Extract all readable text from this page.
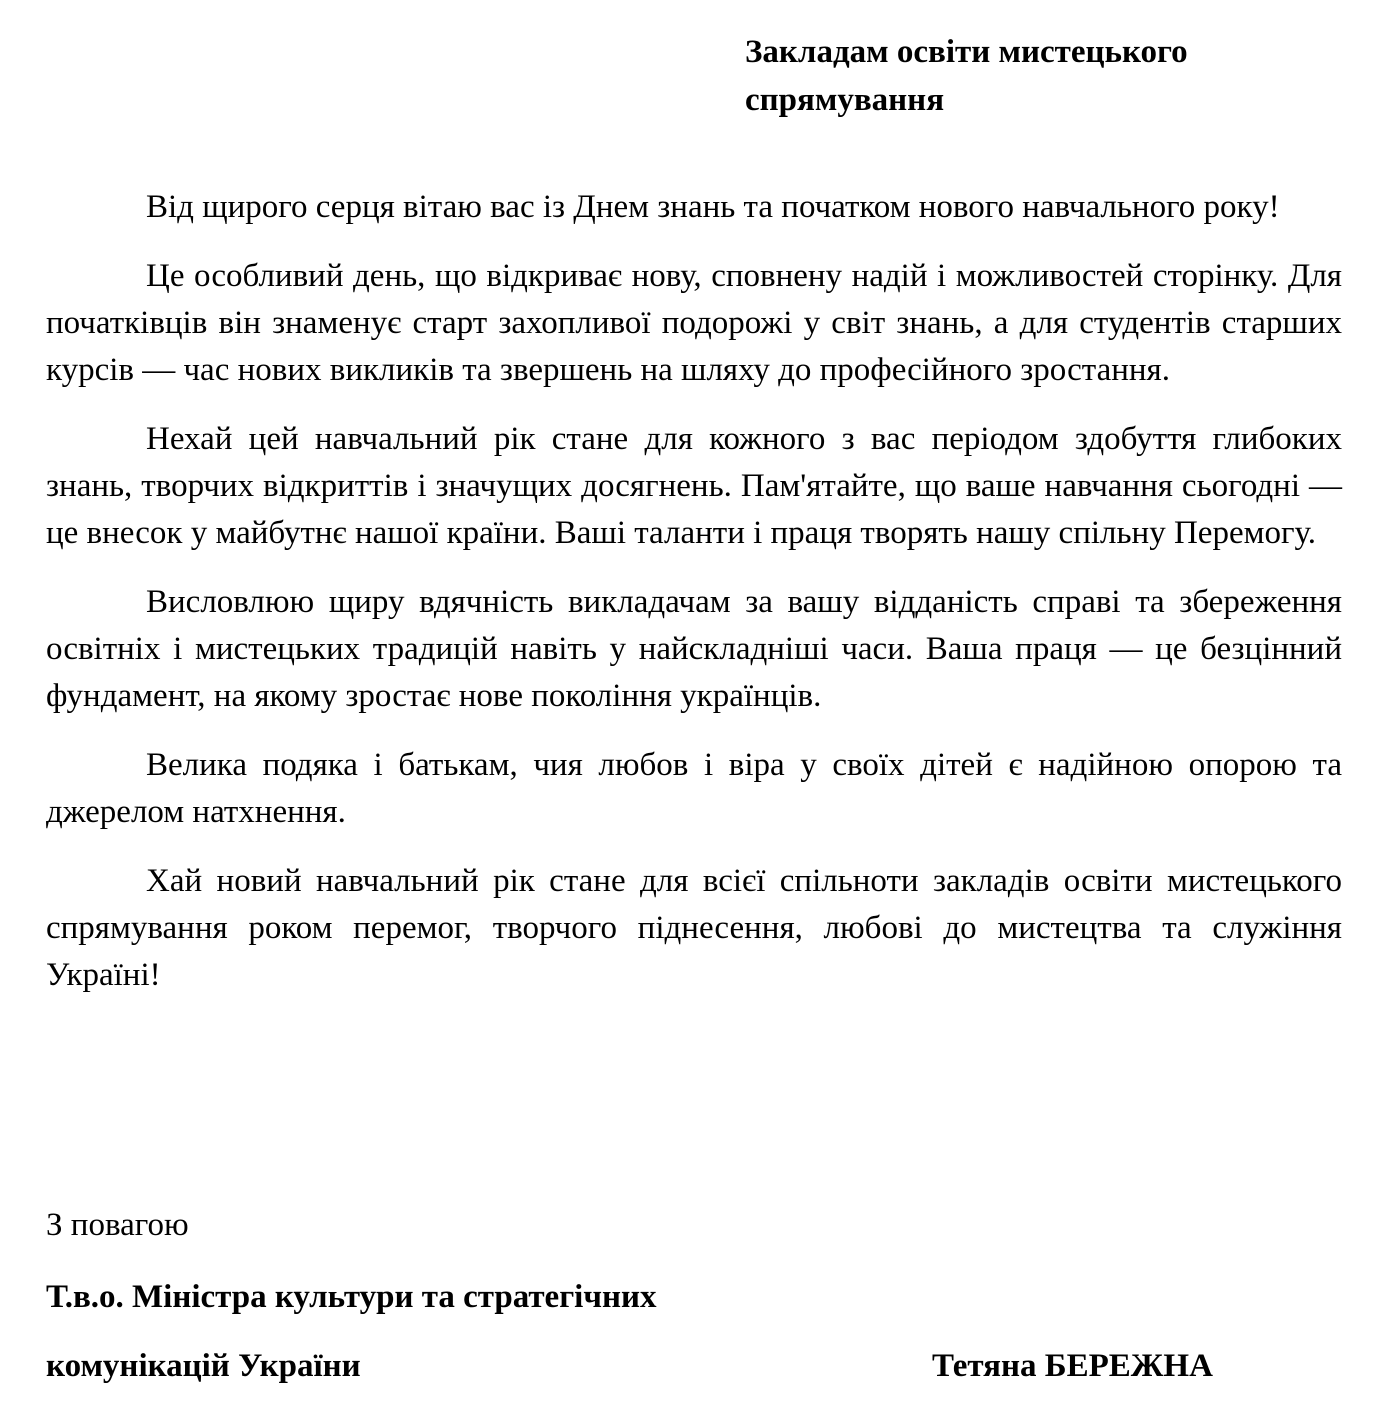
Закладам освіти мистецького
спрямування

Від щирого серця вітаю вас із Днем знань та початком нового навчального року!

Це особливий день, що відкриває нову, сповнену надій і можливостей сторінку. Для початківців він знаменує старт захопливої подорожі у світ знань, а для студентів старших курсів — час нових викликів та звершень на шляху до професійного зростання.

Нехай цей навчальний рік стане для кожного з вас періодом здобуття глибоких знань, творчих відкриттів і значущих досягнень. Пам'ятайте, що ваше навчання сьогодні — це внесок у майбутнє нашої країни. Ваші таланти і праця творять нашу спільну Перемогу.

Висловлюю щиру вдячність викладачам за вашу відданість справі та збереження освітніх і мистецьких традицій навіть у найскладніші часи. Ваша праця — це безцінний фундамент, на якому зростає нове покоління українців.

Велика подяка і батькам, чия любов і віра у своїх дітей є надійною опорою та джерелом натхнення.

Хай новий навчальний рік стане для всієї спільноти закладів освіти мистецького спрямування роком перемог, творчого піднесення, любові до мистецтва та служіння Україні!

З повагою
Т.в.о. Міністра культури та стратегічних
комунікацій України	Тетяна БЕРЕЖНА
